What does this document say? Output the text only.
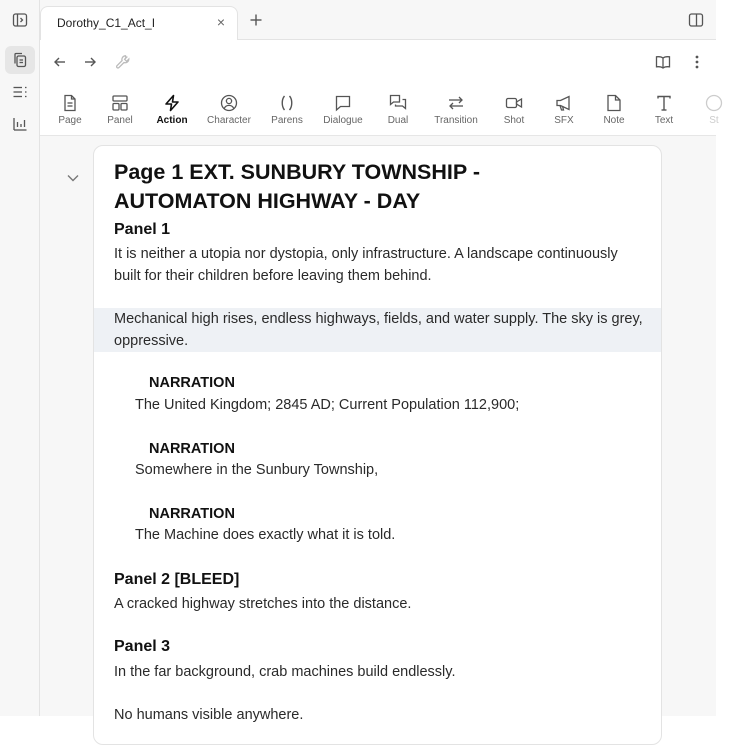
Dorothy_C1_Act_I	×
Page	Panel Action Character Parens Dialogue Dual	Transition	Shot	SFX	Note	Text	St
Page 1 EXT. SUNBURY TOWNSHIP - AUTOMATON HIGHWAY - DAY
Panel 1
It is neither a utopia nor dystopia, only infrastructure. A landscape continuously built for their children before leaving them behind.
Mechanical high rises, endless highways, fields, and water supply. The sky is grey, oppressive.
NARRATION
The United Kingdom; 2845 AD; Current Population 112,900;
NARRATION
Somewhere in the Sunbury Township,
NARRATION
The Machine does exactly what it is told.
Panel 2 [BLEED]
A cracked highway stretches into the distance.
Panel 3
In the far background, crab machines build endlessly.
No humans visible anywhere.
